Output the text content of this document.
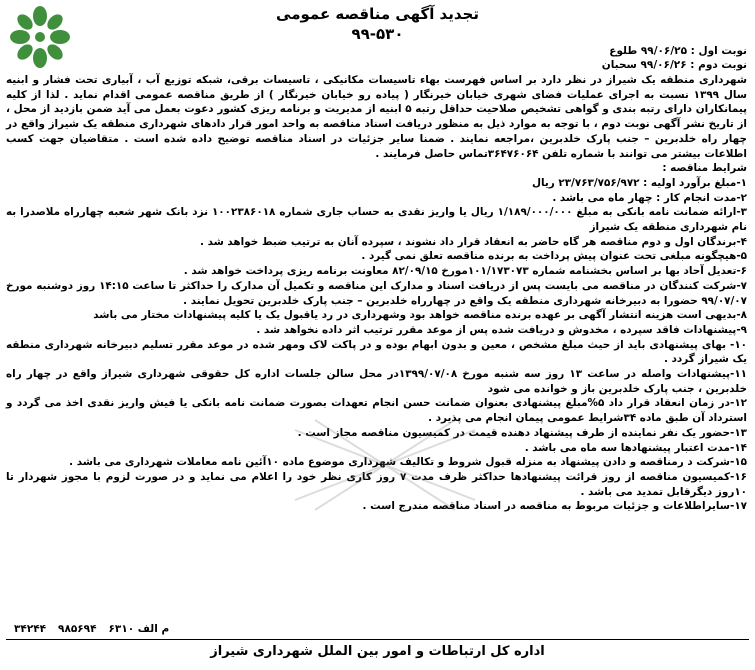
تجدید آگهی مناقصه عمومی
۹۹-۵۳۰
نوبت اول : ۹۹/۰۶/۲۵ طلوع
نوبت دوم : ۹۹/۰۶/۲۶ سحبان
شهرداری منطقه یک شیراز در نظر دارد بر اساس فهرست بهاء تاسیسات مکانیکی ، تاسیسات برقی، شبکه توزیع آب ، آبیاری تحت فشار و ابنیه سال ۱۳۹۹ نسبت به اجرای عملیات فضای شهری خیابان خیرنگار ( پیاده رو خیابان خیرنگار ) از طریق مناقصه عمومی اقدام نماید . لذا از کلیه پیمانکاران دارای رتبه بندی و گواهی تشخیص صلاحیت حداقل رتبه ۵ ابنیه از مدیریت و برنامه ریزی کشور دعوت بعمل می آید ضمن بازدید از محل ، از تاریخ نشر آگهی نوبت دوم ، با توجه به موارد ذیل به منظور دریافت اسناد مناقصه به واحد امور قرار دادهای شهرداری منطقه یک شیراز واقع در چهار راه خلدبرین – جنب پارک خلدبرین ،مراجعه نمایند . ضمنا سایر جزئیات در اسناد مناقصه توضیح داده شده است . متقاضیان جهت کسب اطلاعات بیشتر می توانند با شماره تلفن ۳۶۴۷۶۰۶۴تماس حاصل فرمایند .
شرایط مناقصه :
۱-مبلغ برآورد اولیه : ۲۳/۷۶۳/۷۵۶/۹۷۲ ریال
۲-مدت انجام کار : چهار ماه می باشد .
۳-ارائه ضمانت نامه بانکی به مبلغ ۱/۱۸۹/۰۰۰/۰۰۰ ریال یا واریز نقدی به حساب جاری شماره ۱۰۰۲۳۸۶۰۱۸ نزد بانک شهر شعبه چهارراه ملاصدرا به نام شهرداری منطقه یک شیراز
۴-برندگان اول و دوم مناقصه هر گاه حاضر به انعقاد قرار داد نشوند ، سپرده آنان به ترتیب ضبط خواهد شد .
۵-هیچگونه مبلغی تحت عنوان پیش پرداخت به برنده مناقصه تعلق نمی گیرد .
۶-تعدیل آحاد بها بر اساس بخشنامه شماره ۱۰۱/۱۷۳۰۷۳مورخ ۸۲/۰۹/۱۵ معاونت برنامه ریزی پرداخت خواهد شد .
۷-شرکت کنندگان در مناقصه می بایست پس از دریافت اسناد و مدارک این مناقصه و تکمیل آن مدارک را حداکثر تا ساعت ۱۴:۱۵ روز دوشنبه مورخ ۹۹/۰۷/۰۷ حضورا به دبیرخانه شهرداری منطقه یک واقع در چهارراه خلدبرین – جنب پارک خلدبرین تحویل نمایند .
۸-بدیهی است هزینه انتشار آگهی بر عهده برنده مناقصه خواهد بود وشهرداری در رد یاقبول یک یا کلیه پیشنهادات مختار می باشد
۹-پیشنهادات فاقد سپرده ، مخدوش و دریافت شده پس از موعد مقرر ترتیب اثر داده نخواهد شد .
۱۰- بهای پیشنهادی باید از حیث مبلغ مشخص ، معین و بدون ابهام بوده و در پاکت لاک ومهر شده در موعد مقرر تسلیم دبیرخانه شهرداری منطقه یک شیراز گردد .
۱۱-پیشنهادات واصله در ساعت ۱۳ روز سه شنبه مورخ ۱۳۹۹/۰۷/۰۸در محل سالن جلسات اداره کل حقوقی شهرداری شیراز واقع در چهار راه خلدبرین ، جنب پارک خلدبرین باز و خوانده می شود
۱۲-در زمان انعقاد قرار داد ۵%مبلغ پیشنهادی بعنوان ضمانت حسن انجام تعهدات بصورت ضمانت نامه بانکی یا فیش واریز نقدی اخذ می گردد و استرداد آن طبق ماده ۳۴شرایط عمومی پیمان انجام می پذیرد .
۱۳-حضور یک نفر نماینده از طرف پیشنهاد دهنده قیمت در کمیسیون مناقصه مجاز است .
۱۴-مدت اعتبار پیشنهادها سه ماه می باشد .
۱۵-شرکت د رمناقصه و دادن پیشنهاد به منزله قبول شروط و تکالیف شهرداری موضوع ماده ۱۰آئین نامه معاملات شهرداری می باشد .
۱۶-کمیسیون مناقصه از روز قرائت پیشنهادها حداکثر ظرف مدت ۷ روز کاری نظر خود را اعلام می نماید و در صورت لزوم با مجوز شهردار تا ۱۰روز دیگرقابل تمدید می باشد .
۱۷-سایراطلاعات و جزئیات مربوط به مناقصه در اسناد مناقصه مندرج است .
۳۴۲۴۴ ۹۸۵۶۹۴ م الف ۶۳۱۰
اداره کل ارتباطات و امور بین الملل شهرداری شیراز
